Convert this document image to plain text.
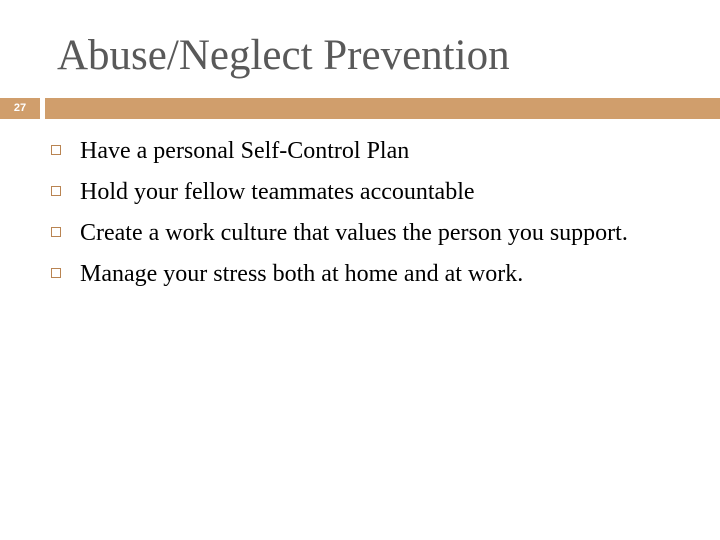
Abuse/Neglect Prevention
27
Have a personal Self-Control Plan
Hold your fellow teammates accountable
Create a work culture that values the person you support.
Manage your stress both at home and at work.
